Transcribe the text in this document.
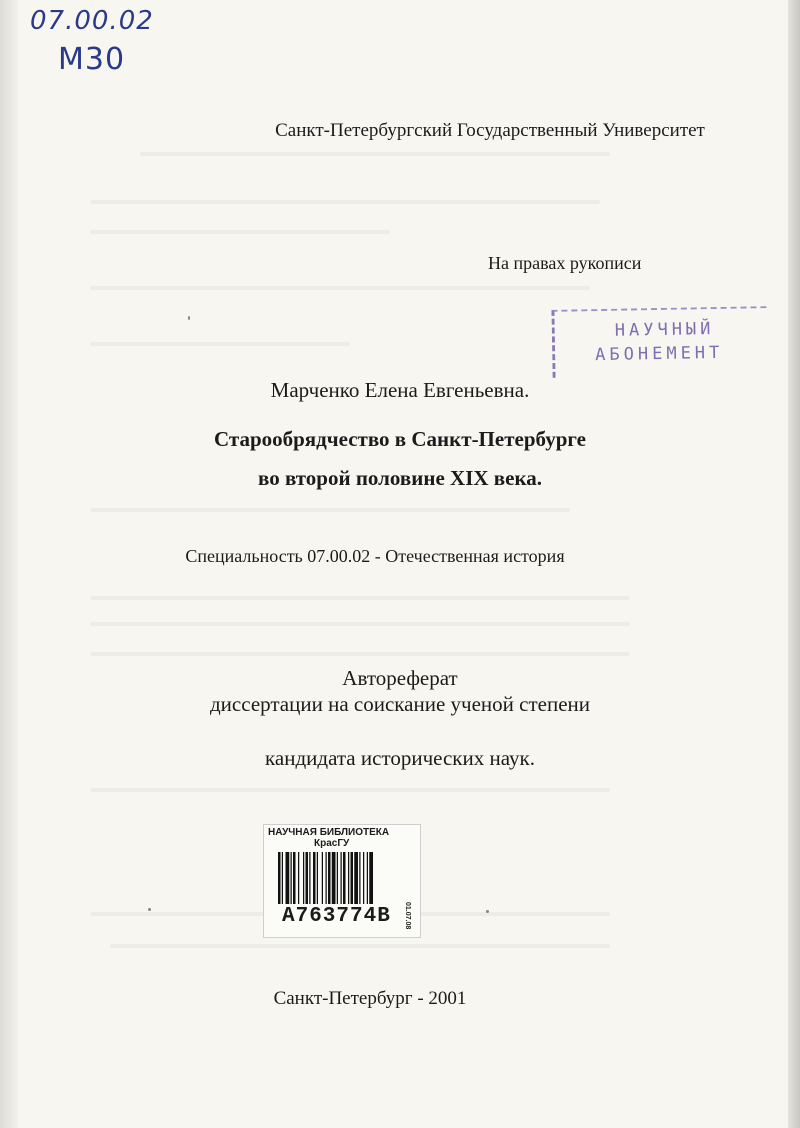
07.00.02
М30
Санкт-Петербургский Государственный Университет
На правах рукописи
НАУЧНЫЙ
АБОНЕМЕНТ
Марченко Елена Евгеньевна.
Старообрядчество в Санкт-Петербурге
во второй половине XIX века.
Специальность 07.00.02 - Отечественная история
Автореферат
диссертации на соискание ученой степени
кандидата исторических наук.
НАУЧНАЯ БИБЛИОТЕКА
КрасГУ
A763774B 01.07.08
Санкт-Петербург - 2001
